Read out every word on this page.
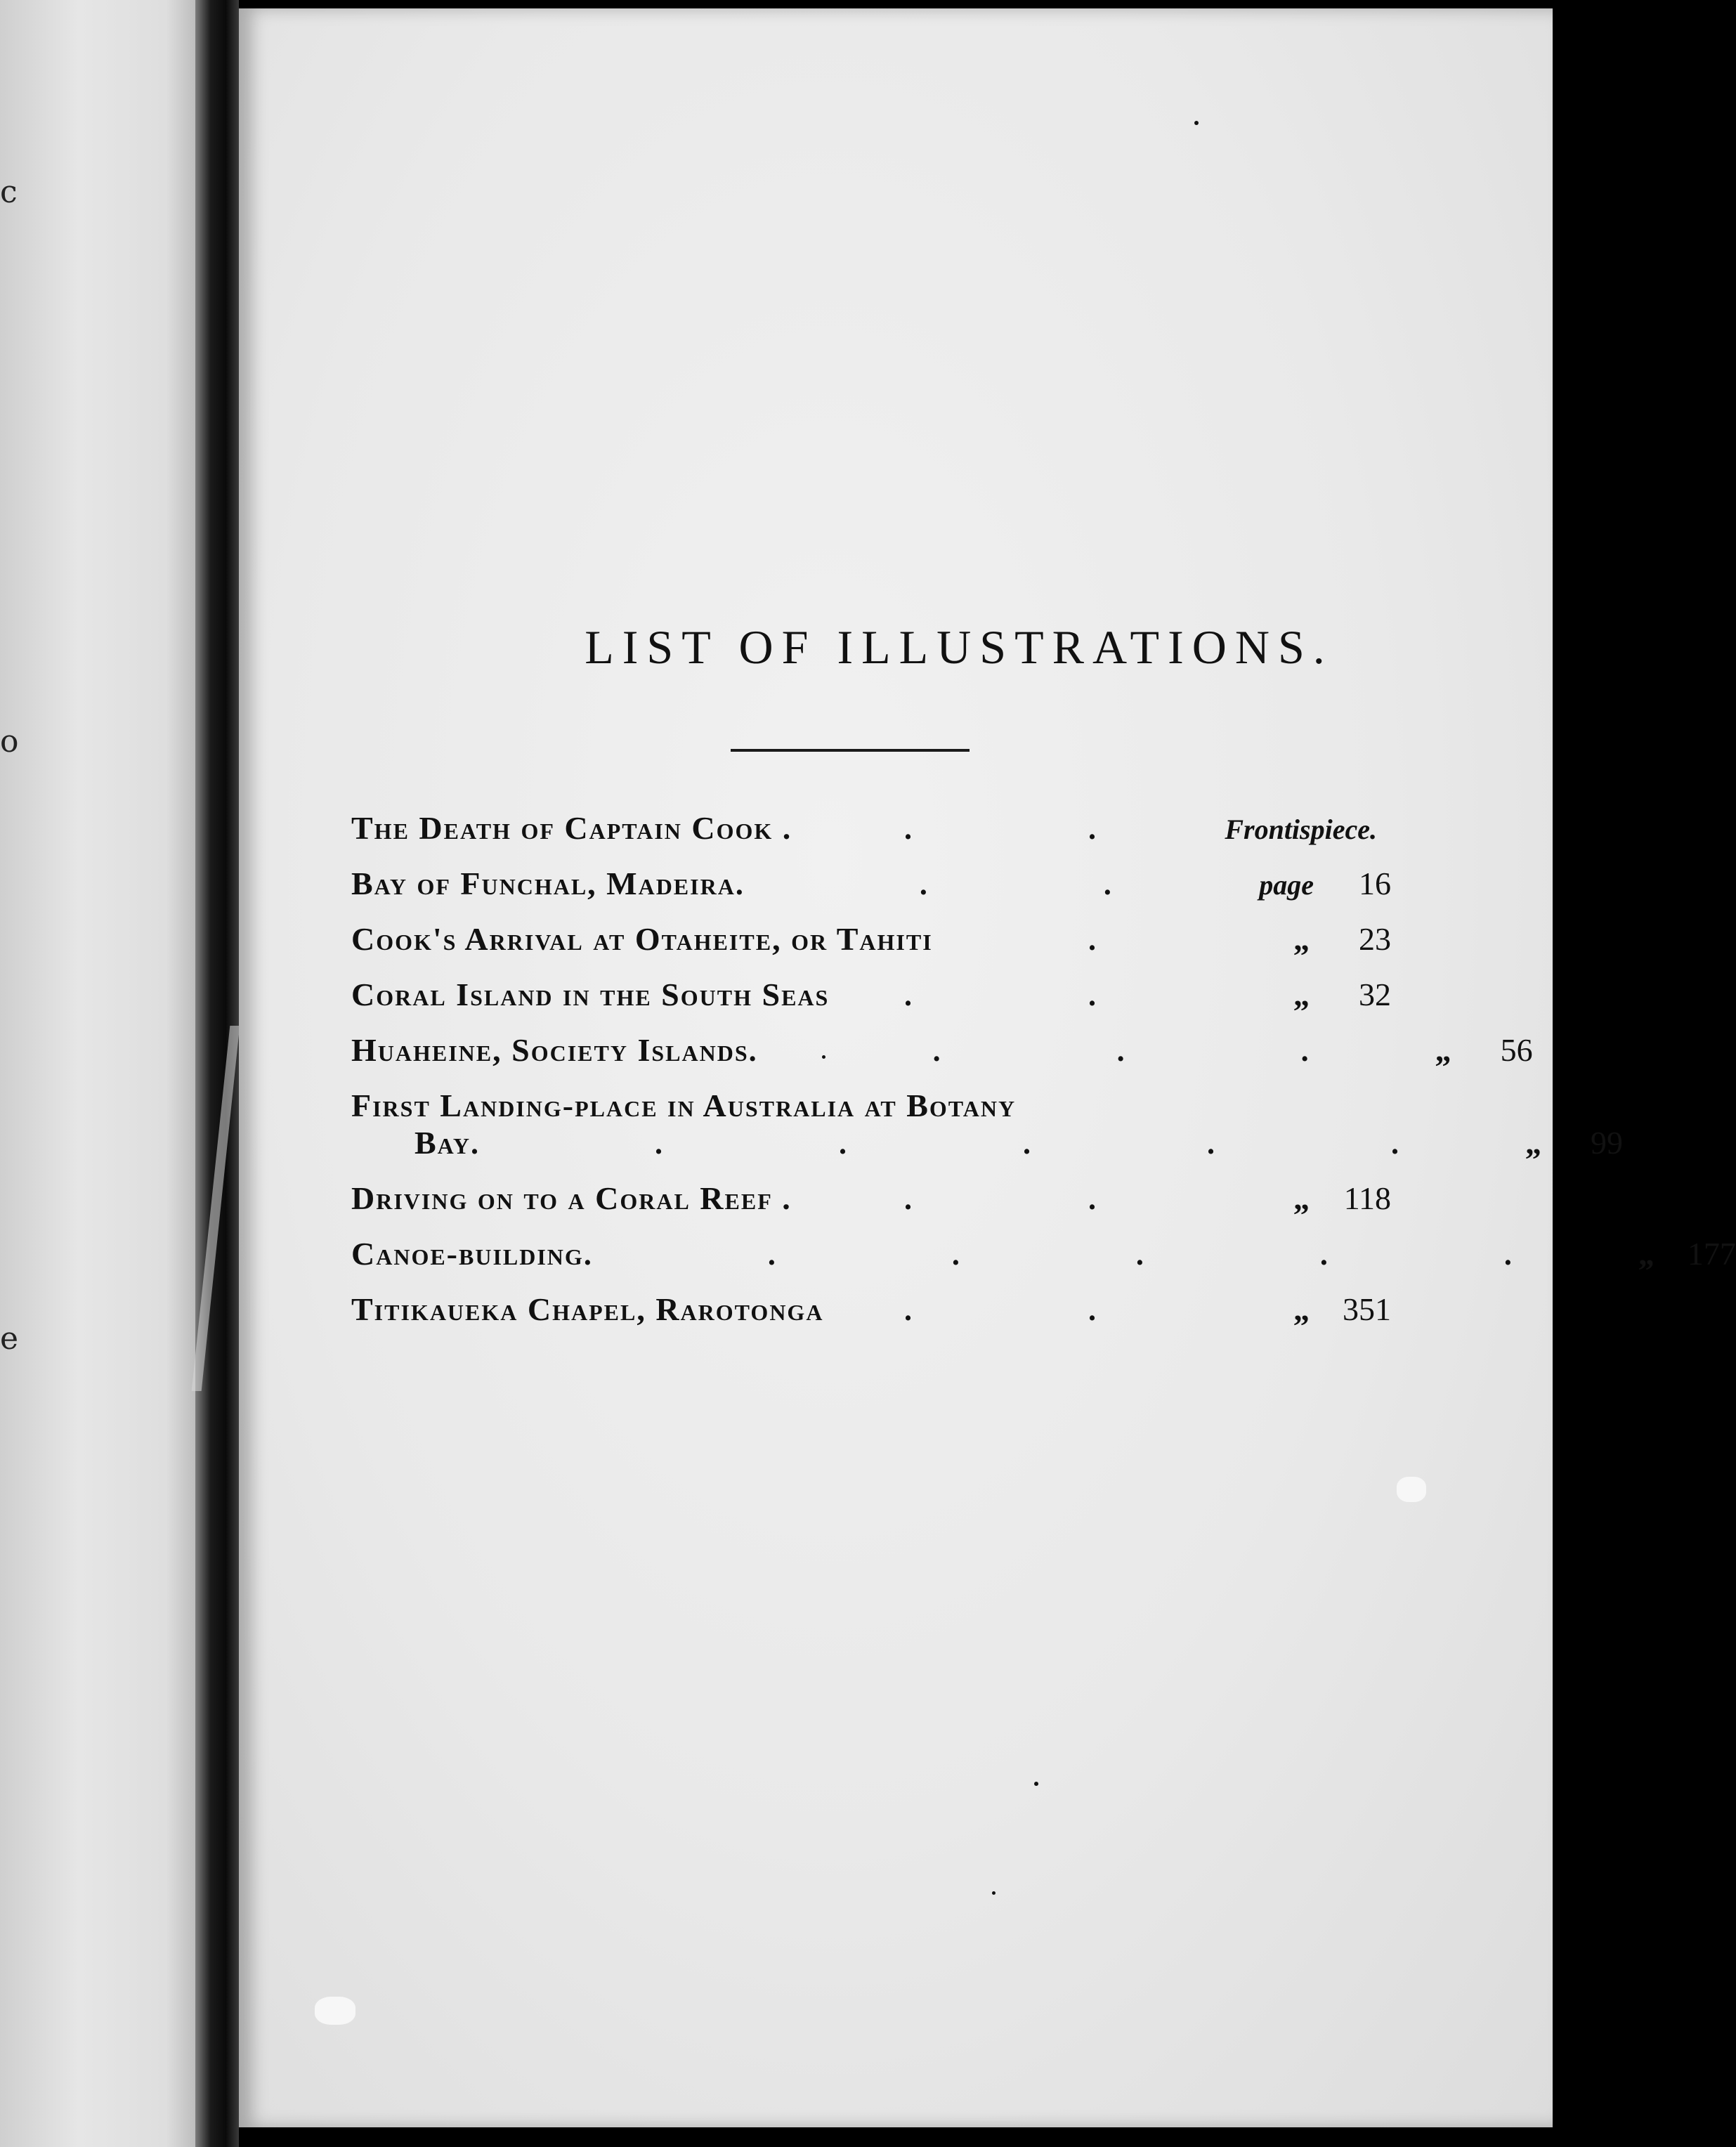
c
o
e
LIST OF ILLUSTRATIONS.
The Death of Captain Cook .	. .	Frontispiece.
Bay of Funchal, Madeira . . .	page 16
Cook's Arrival at Otaheite, or Tahiti	.	„ 23
Coral Island in the South Seas	. .	„ 32
Huaheine, Society Islands . . . .	„ 56
First Landing-place in Australia at Botany
Bay . . . . . .	„ 99
Driving on to a Coral Reef .	. .	„ 118
Canoe-building . . . . . .	„ 177
Titikaueka Chapel, Rarotonga	. .	„ 351
